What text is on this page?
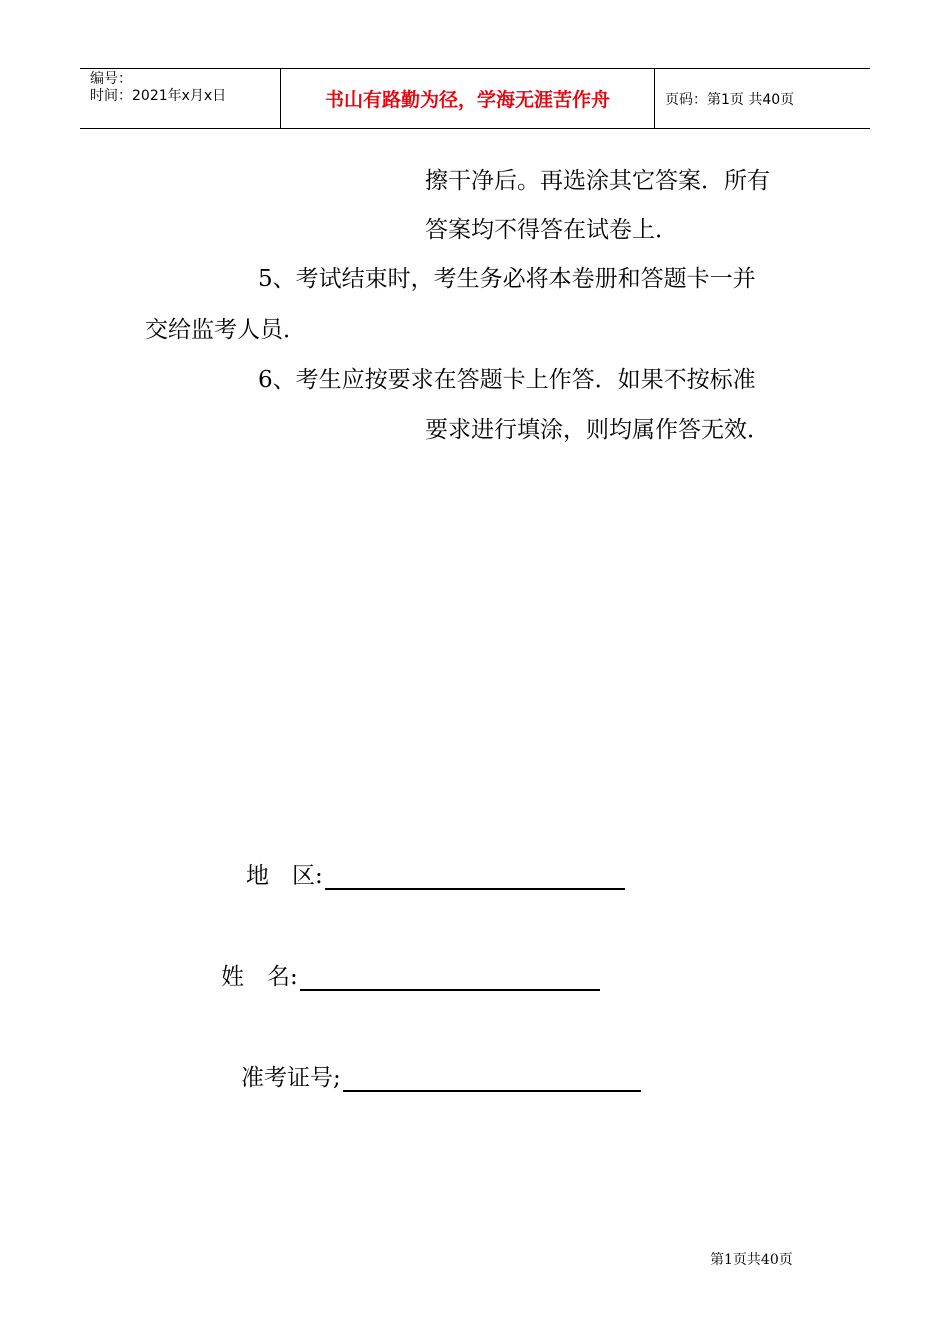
编号：
时间：2021年x月x日	书山有路勤为径，学海无涯苦作舟	页码：第1页 共40页
擦干净后。再选涂其它答案．所有
答案均不得答在试卷上．
5、考试结束时，考生务必将本卷册和答题卡一并
交给监考人员．
6、考生应按要求在答题卡上作答．如果不按标准
要求进行填涂，则均属作答无效．
地　区:
姓　名:
准考证号;
第1页共40页
